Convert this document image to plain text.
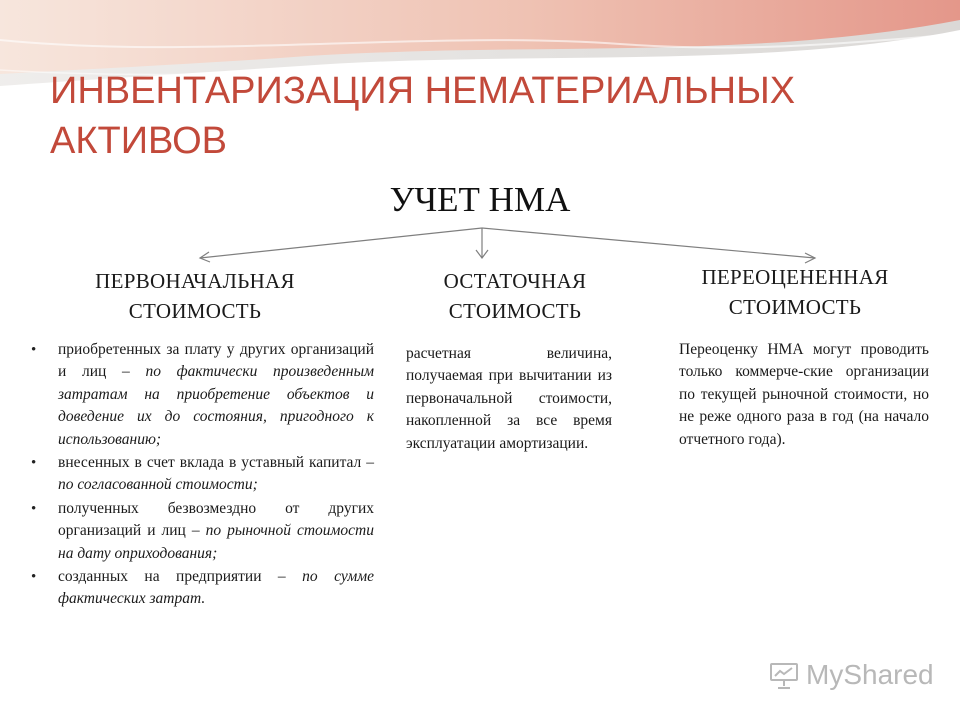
ИНВЕНТАРИЗАЦИЯ НЕМАТЕРИАЛЬНЫХ АКТИВОВ
УЧЕТ НМА
ПЕРВОНАЧАЛЬНАЯ СТОИМОСТЬ
ОСТАТОЧНАЯ СТОИМОСТЬ
ПЕРЕОЦЕНЕННАЯ СТОИМОСТЬ
• приобретенных за плату у других организаций и лиц – по фактически произведенным затратам на приобретение объектов и доведение их до состояния, пригодного к использованию;
• внесенных в счет вклада в уставный капитал – по согласованной стоимости;
• полученных безвозмездно от других организаций и лиц – по рыночной стоимости на дату оприходования;
• созданных на предприятии – по сумме фактических затрат.

расчетная величина, получаемая при вычитании из первоначальной стоимости, накопленной за все время эксплуатации амортизации.

Переоценку НМА могут проводить только коммерче-ские организации по текущей рыночной стоимости, но не реже одного раза в год (на начало отчетного года).

MyShared
